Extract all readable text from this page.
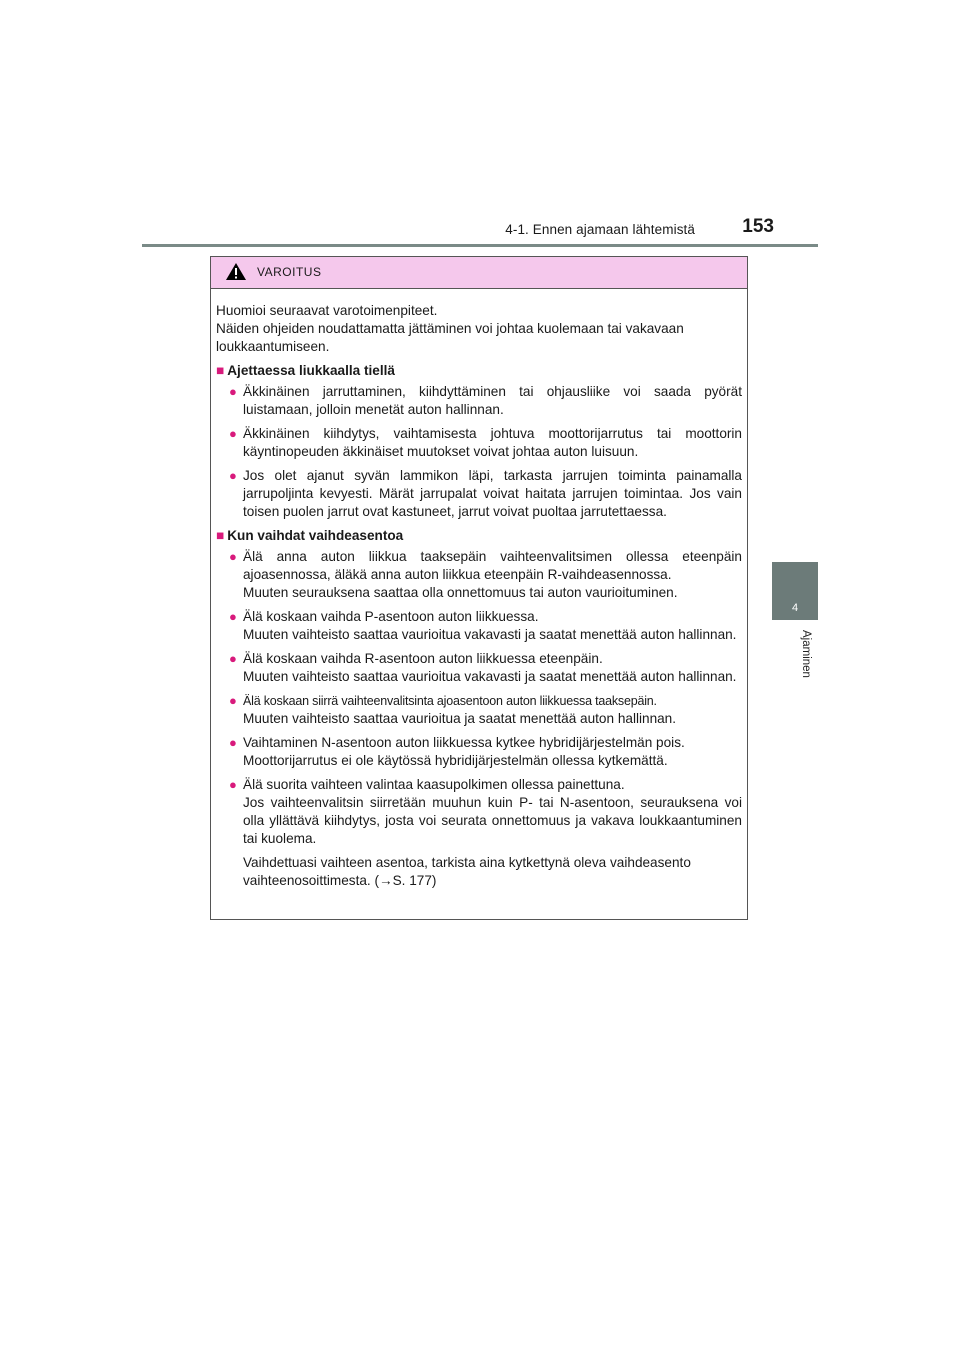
4-1. Ennen ajamaan lähtemistä	153
4
Ajaminen
VAROITUS
Huomioi seuraavat varotoimenpiteet.
Näiden ohjeiden noudattamatta jättäminen voi johtaa kuolemaan tai vakavaan loukkaantumiseen.
■ Ajettaessa liukkaalla tiellä
● Äkkinäinen jarruttaminen, kiihdyttäminen tai ohjausliike voi saada pyörät luistamaan, jolloin menetät auton hallinnan.

● Äkkinäinen kiihdytys, vaihtamisesta johtuva moottorijarrutus tai moottorin käyntinopeuden äkkinäiset muutokset voivat johtaa auton luisuun.

● Jos olet ajanut syvän lammikon läpi, tarkasta jarrujen toiminta painamalla jarrupoljinta kevyesti. Märät jarrupalat voivat haitata jarrujen toimintaa. Jos vain toisen puolen jarrut ovat kastuneet, jarrut voivat puoltaa jarrutettaessa.

■ Kun vaihdat vaihdeasentoa
● Älä anna auton liikkua taaksepäin vaihteenvalitsimen ollessa eteenpäin ajoasennossa, äläkä anna auton liikkua eteenpäin R-vaihdeasennossa.

Muuten seurauksena saattaa olla onnettomuus tai auton vaurioituminen.

● Älä koskaan vaihda P-asentoon auton liikkuessa.

Muuten vaihteisto saattaa vaurioitua vakavasti ja saatat menettää auton hallinnan.

● Älä koskaan vaihda R-asentoon auton liikkuessa eteenpäin.

Muuten vaihteisto saattaa vaurioitua vakavasti ja saatat menettää auton hallinnan.

● Älä koskaan siirrä vaihteenvalitsinta ajoasentoon auton liikkuessa taaksepäin.

Muuten vaihteisto saattaa vaurioitua ja saatat menettää auton hallinnan.

● Vaihtaminen N-asentoon auton liikkuessa kytkee hybridijärjestelmän pois.

Moottorijarrutus ei ole käytössä hybridijärjestelmän ollessa kytkemättä.

● Älä suorita vaihteen valintaa kaasupolkimen ollessa painettuna.

Jos vaihteenvalitsin siirretään muuhun kuin P- tai N-asentoon, seurauksena voi olla yllättävä kiihdytys, josta voi seurata onnettomuus ja vakava loukkaantuminen tai kuolema.

Vaihdettuasi vaihteen asentoa, tarkista aina kytkettynä oleva vaihdeasento vaihteenosoittimesta. (→S. 177)
